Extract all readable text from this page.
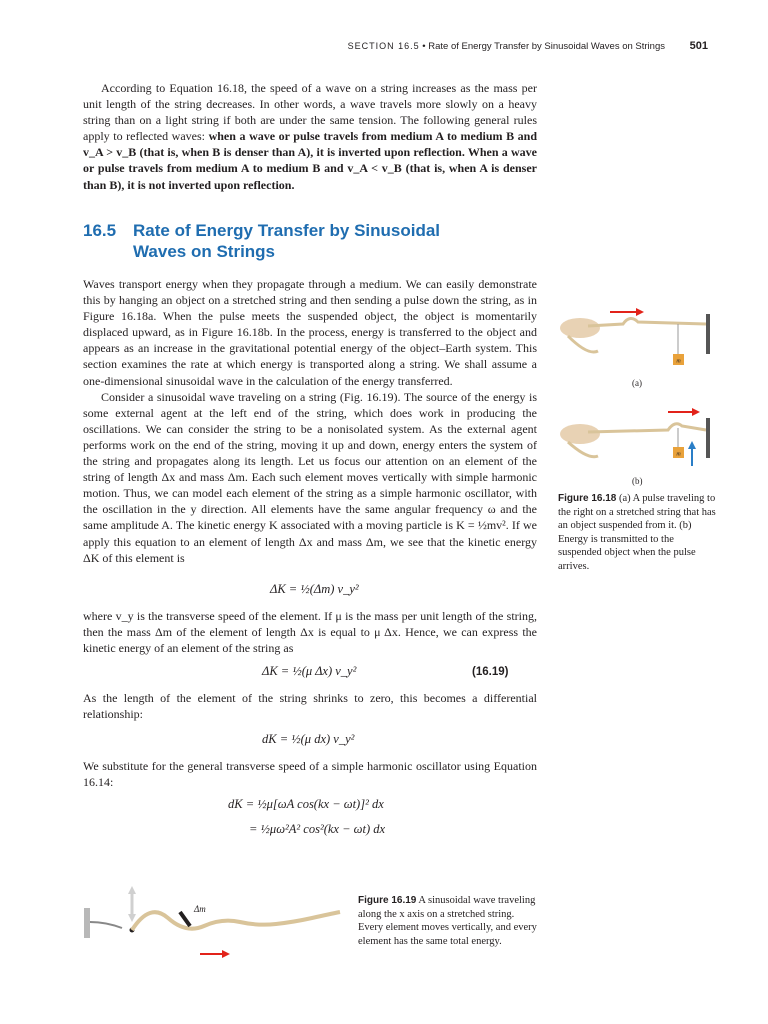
SECTION 16.5 • Rate of Energy Transfer by Sinusoidal Waves on Strings 501

According to Equation 16.18, the speed of a wave on a string increases as the mass per unit length of the string decreases. In other words, a wave travels more slowly on a heavy string than on a light string if both are under the same tension. The following general rules apply to reflected waves: when a wave or pulse travels from medium A to medium B and v_A > v_B (that is, when B is denser than A), it is inverted upon reflection. When a wave or pulse travels from medium A to medium B and v_A < v_B (that is, when A is denser than B), it is not inverted upon reflection.

16.5 Rate of Energy Transfer by Sinusoidal
Waves on Strings

Waves transport energy when they propagate through a medium. We can easily demonstrate this by hanging an object on a stretched string and then sending a pulse down the string, as in Figure 16.18a. When the pulse meets the suspended object, the object is momentarily displaced upward, as in Figure 16.18b. In the process, energy is transferred to the object and appears as an increase in the gravitational potential energy of the object–Earth system. This section examines the rate at which energy is transported along a string. We shall assume a one-dimensional sinusoidal wave in the calculation of the energy transferred.

Consider a sinusoidal wave traveling on a string (Fig. 16.19). The source of the energy is some external agent at the left end of the string, which does work in producing the oscillations. We can consider the string to be a nonisolated system. As the external agent performs work on the end of the string, moving it up and down, energy enters the system of the string and propagates along its length. Let us focus our attention on an element of the string of length Δx and mass Δm. Each such element moves vertically with simple harmonic motion. Thus, we can model each element of the string as a simple harmonic oscillator, with the oscillation in the y direction. All elements have the same angular frequency ω and the same amplitude A. The kinetic energy K associated with a moving particle is K = ½mv². If we apply this equation to an element of length Δx and mass Δm, we see that the kinetic energy ΔK of this element is

ΔK = ½(Δm) v_y²

where v_y is the transverse speed of the element. If μ is the mass per unit length of the string, then the mass Δm of the element of length Δx is equal to μ Δx. Hence, we can express the kinetic energy of an element of the string as

ΔK = ½(μ Δx) v_y²	(16.19)

As the length of the element of the string shrinks to zero, this becomes a differential relationship:

dK = ½(μ dx) v_y²

We substitute for the general transverse speed of a simple harmonic oscillator using Equation 16.14:

dK = ½μ[ωA cos(kx − ωt)]² dx
= ½μω²A² cos²(kx − ωt) dx
m
(a)
m
(b)
Figure 16.18 (a) A pulse traveling to the right on a stretched string that has an object suspended from it. (b) Energy is transmitted to the suspended object when the pulse arrives.
Δm
Figure 16.19 A sinusoidal wave traveling along the x axis on a stretched string. Every element moves vertically, and every element has the same total energy.
